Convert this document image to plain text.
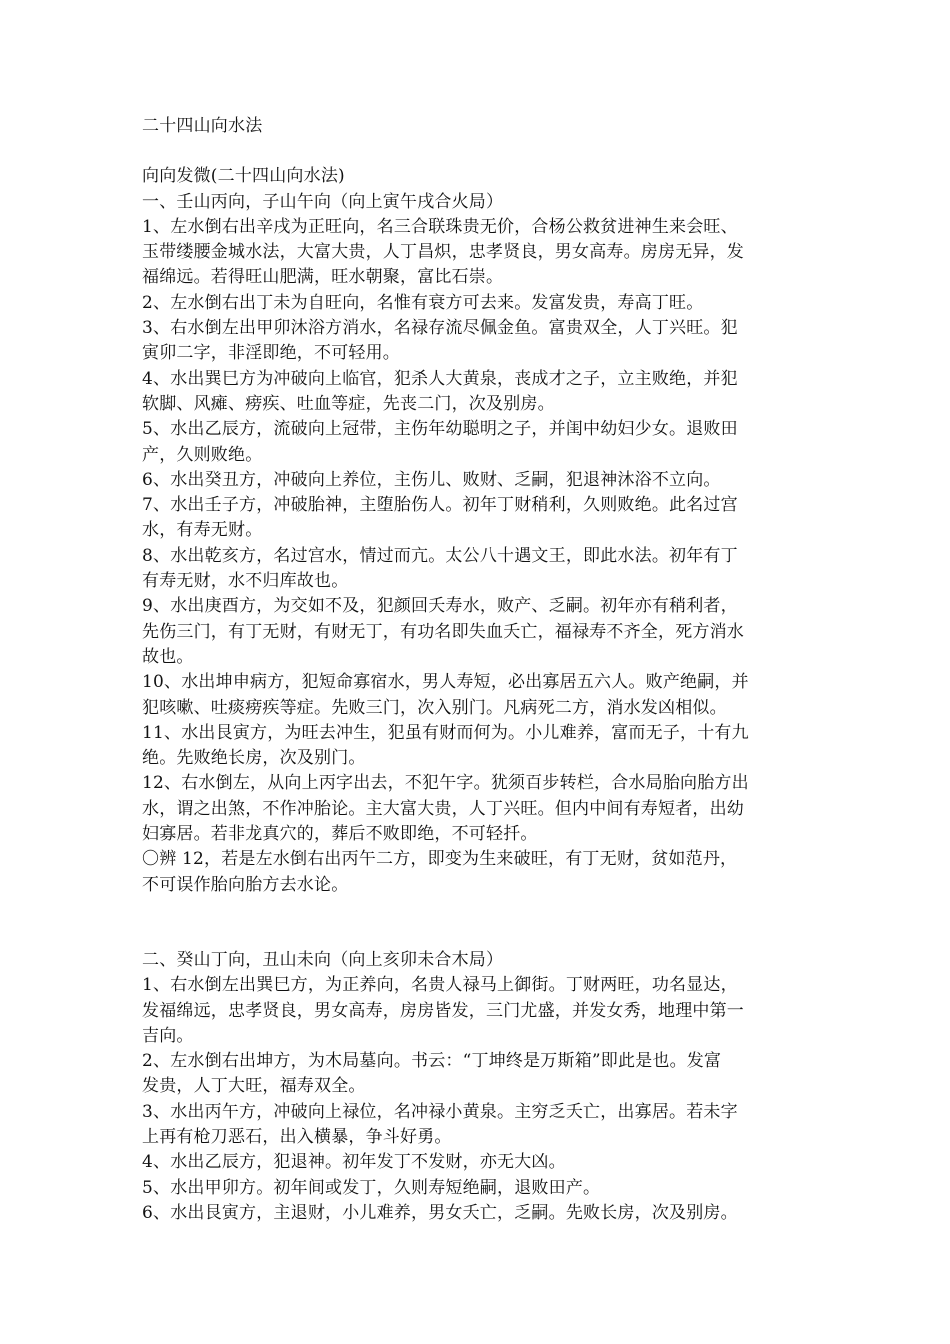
二十四山向水法
向向发微(二十四山向水法)
一、壬山丙向，子山午向（向上寅午戌合火局）
1、左水倒右出辛戌为正旺向，名三合联珠贵无价，合杨公救贫进神生来会旺、
玉带缕腰金城水法，大富大贵，人丁昌炽，忠孝贤良，男女高寿。房房无异，发
福绵远。若得旺山肥满，旺水朝聚，富比石崇。
2、左水倒右出丁未为自旺向，名惟有衰方可去来。发富发贵，寿高丁旺。
3、右水倒左出甲卯沐浴方消水，名禄存流尽佩金鱼。富贵双全，人丁兴旺。犯
寅卯二字，非淫即绝，不可轻用。
4、水出巽巳方为冲破向上临官，犯杀人大黄泉，丧成才之子，立主败绝，并犯
软脚、风瘫、痨疾、吐血等症，先丧二门，次及别房。
5、水出乙辰方，流破向上冠带，主伤年幼聪明之子，并闺中幼妇少女。退败田
产，久则败绝。
6、水出癸丑方，冲破向上养位，主伤儿、败财、乏嗣，犯退神沐浴不立向。
7、水出壬子方，冲破胎神，主堕胎伤人。初年丁财稍利，久则败绝。此名过宫
水，有寿无财。
8、水出乾亥方，名过宫水，情过而亢。太公八十遇文王，即此水法。初年有丁
有寿无财，水不归库故也。
9、水出庚酉方，为交如不及，犯颜回夭寿水，败产、乏嗣。初年亦有稍利者，
先伤三门，有丁无财，有财无丁，有功名即失血夭亡，福禄寿不齐全，死方消水
故也。
10、水出坤申病方，犯短命寡宿水，男人寿短，必出寡居五六人。败产绝嗣，并
犯咳嗽、吐痰痨疾等症。先败三门，次入别门。凡病死二方，消水发凶相似。
11、水出艮寅方，为旺去冲生，犯虽有财而何为。小儿难养，富而无子，十有九
绝。先败绝长房，次及别门。
12、右水倒左，从向上丙字出去，不犯午字。犹须百步转栏，合水局胎向胎方出
水，谓之出煞，不作冲胎论。主大富大贵，人丁兴旺。但内中间有寿短者，出幼
妇寡居。若非龙真穴的，葬后不败即绝，不可轻扦。
〇辨 12，若是左水倒右出丙午二方，即变为生来破旺，有丁无财，贫如范丹，
不可误作胎向胎方去水论。
二、癸山丁向，丑山未向（向上亥卯未合木局）
1、右水倒左出巽巳方，为正养向，名贵人禄马上御街。丁财两旺，功名显达，
发福绵远，忠孝贤良，男女高寿，房房皆发，三门尤盛，并发女秀，地理中第一
吉向。
2、左水倒右出坤方，为木局墓向。书云：“丁坤终是万斯箱”即此是也。发富
发贵，人丁大旺，福寿双全。
3、水出丙午方，冲破向上禄位，名冲禄小黄泉。主穷乏夭亡，出寡居。若未字
上再有枪刀恶石，出入横暴，争斗好勇。
4、水出乙辰方，犯退神。初年发丁不发财，亦无大凶。
5、水出甲卯方。初年间或发丁，久则寿短绝嗣，退败田产。
6、水出艮寅方，主退财，小儿难养，男女夭亡，乏嗣。先败长房，次及别房。
